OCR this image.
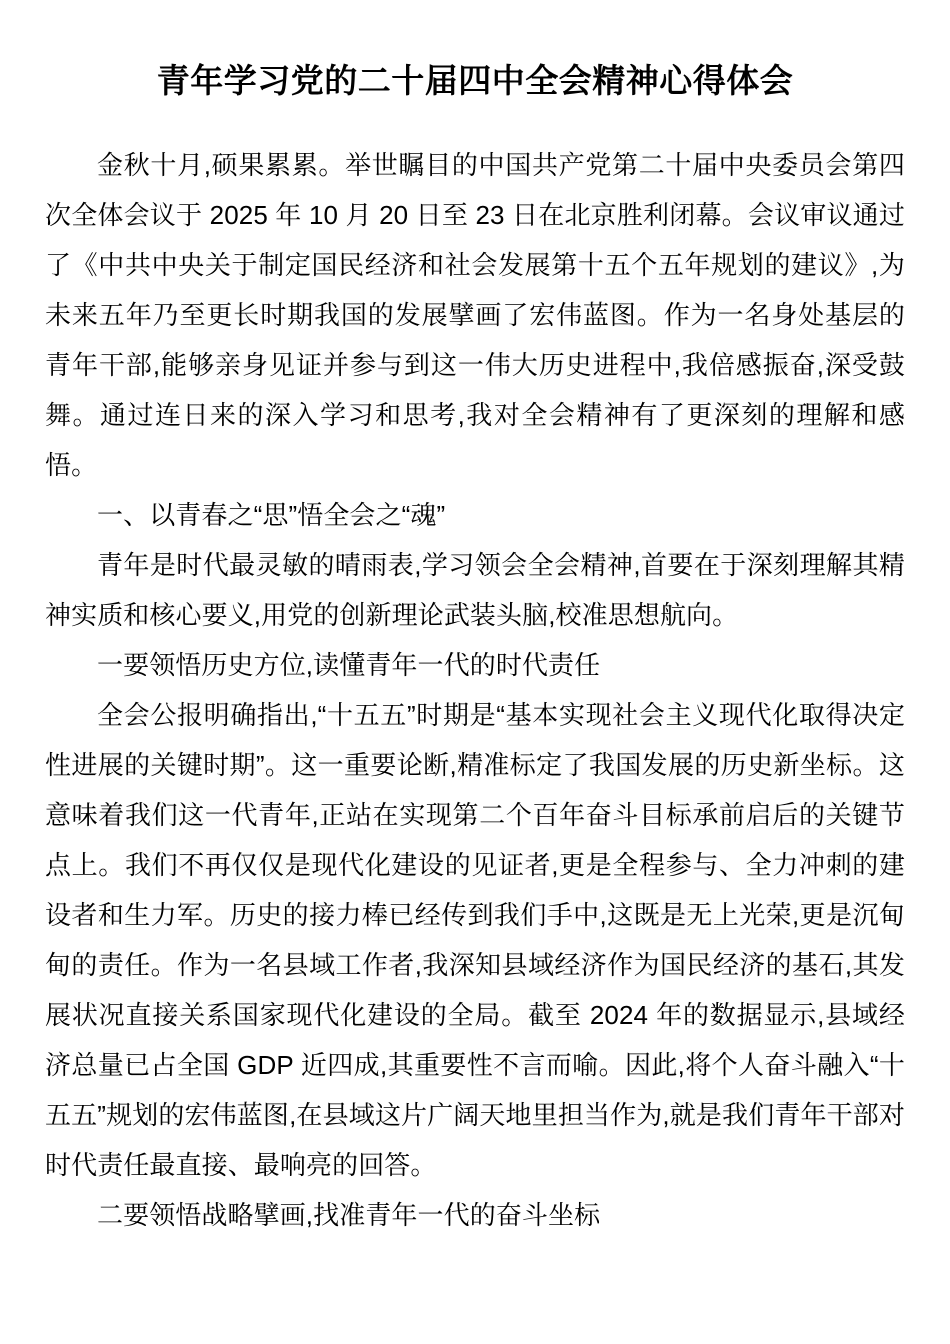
青年学习党的二十届四中全会精神心得体会

金秋十月,硕果累累。举世瞩目的中国共产党第二十届中央委员会第四次全体会议于 2025 年 10 月 20 日至 23 日在北京胜利闭幕。会议审议通过了《中共中央关于制定国民经济和社会发展第十五个五年规划的建议》,为未来五年乃至更长时期我国的发展擘画了宏伟蓝图。作为一名身处基层的青年干部,能够亲身见证并参与到这一伟大历史进程中,我倍感振奋,深受鼓舞。通过连日来的深入学习和思考,我对全会精神有了更深刻的理解和感悟。

一、以青春之“思”悟全会之“魂”

青年是时代最灵敏的晴雨表,学习领会全会精神,首要在于深刻理解其精神实质和核心要义,用党的创新理论武装头脑,校准思想航向。

一要领悟历史方位,读懂青年一代的时代责任

全会公报明确指出,“十五五”时期是“基本实现社会主义现代化取得决定性进展的关键时期”。这一重要论断,精准标定了我国发展的历史新坐标。这意味着我们这一代青年,正站在实现第二个百年奋斗目标承前启后的关键节点上。我们不再仅仅是现代化建设的见证者,更是全程参与、全力冲刺的建设者和生力军。历史的接力棒已经传到我们手中,这既是无上光荣,更是沉甸甸的责任。作为一名县域工作者,我深知县域经济作为国民经济的基石,其发展状况直接关系国家现代化建设的全局。截至 2024 年的数据显示,县域经济总量已占全国 GDP 近四成,其重要性不言而喻。因此,将个人奋斗融入“十五五”规划的宏伟蓝图,在县域这片广阔天地里担当作为,就是我们青年干部对时代责任最直接、最响亮的回答。

二要领悟战略擘画,找准青年一代的奋斗坐标
